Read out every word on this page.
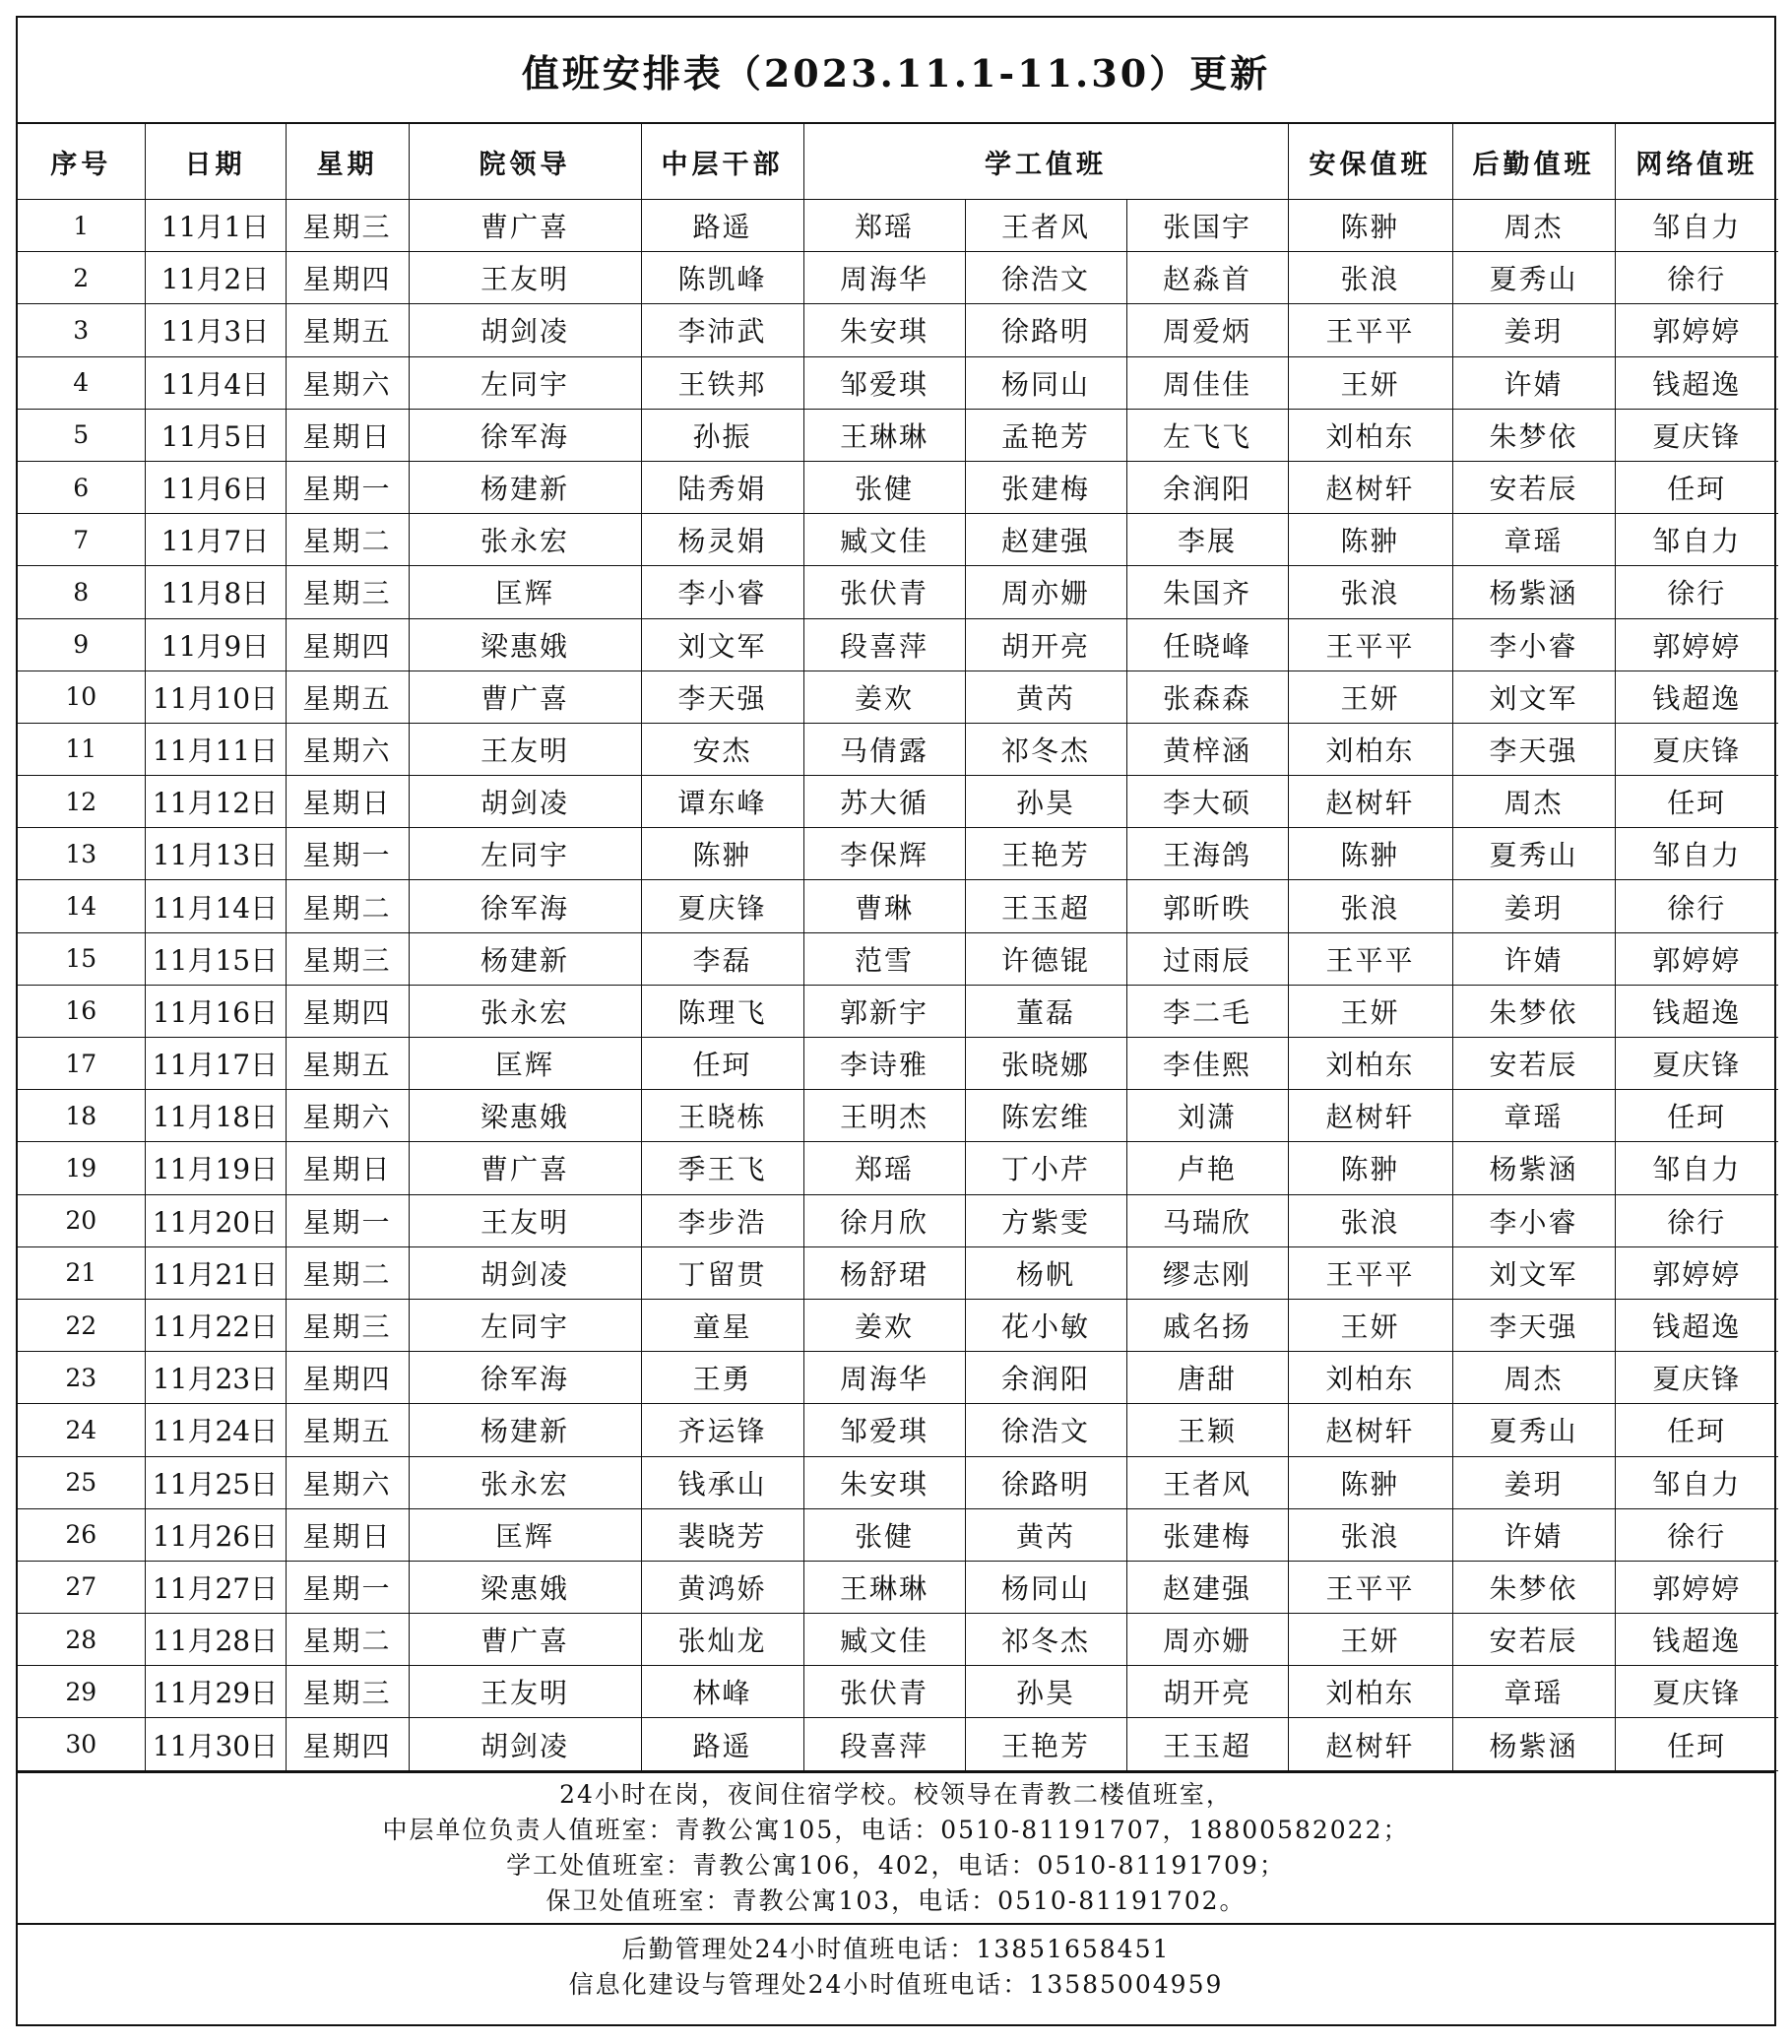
值班安排表（2023.11.1-11.30）更新
序号	日期	星期	院领导	中层干部	学工值班			安保值班	后勤值班	网络值班
1	11月1日	星期三	曹广喜	路遥	郑瑶	王者风	张国宇	陈翀	周杰	邹自力
2	11月2日	星期四	王友明	陈凯峰	周海华	徐浩文	赵淼首	张浪	夏秀山	徐行
3	11月3日	星期五	胡剑凌	李沛武	朱安琪	徐路明	周爱炳	王平平	姜玥	郭婷婷
4	11月4日	星期六	左同宇	王铁邦	邹爱琪	杨同山	周佳佳	王妍	许婧	钱超逸
5	11月5日	星期日	徐军海	孙振	王琳琳	孟艳芳	左飞飞	刘柏东	朱梦依	夏庆锋
6	11月6日	星期一	杨建新	陆秀娟	张健	张建梅	余润阳	赵树轩	安若辰	任珂
7	11月7日	星期二	张永宏	杨灵娟	臧文佳	赵建强	李展	陈翀	章瑶	邹自力
8	11月8日	星期三	匡辉	李小睿	张伏青	周亦姗	朱国齐	张浪	杨紫涵	徐行
9	11月9日	星期四	梁惠娥	刘文军	段喜萍	胡开亮	任晓峰	王平平	李小睿	郭婷婷
10	11月10日	星期五	曹广喜	李天强	姜欢	黄芮	张森森	王妍	刘文军	钱超逸
11	11月11日	星期六	王友明	安杰	马倩露	祁冬杰	黄梓涵	刘柏东	李天强	夏庆锋
12	11月12日	星期日	胡剑凌	谭东峰	苏大循	孙昊	李大硕	赵树轩	周杰	任珂
13	11月13日	星期一	左同宇	陈翀	李保辉	王艳芳	王海鸽	陈翀	夏秀山	邹自力
14	11月14日	星期二	徐军海	夏庆锋	曹琳	王玉超	郭昕昳	张浪	姜玥	徐行
15	11月15日	星期三	杨建新	李磊	范雪	许德锟	过雨辰	王平平	许婧	郭婷婷
16	11月16日	星期四	张永宏	陈理飞	郭新宇	董磊	李二毛	王妍	朱梦依	钱超逸
17	11月17日	星期五	匡辉	任珂	李诗雅	张晓娜	李佳熙	刘柏东	安若辰	夏庆锋
18	11月18日	星期六	梁惠娥	王晓栋	王明杰	陈宏维	刘潇	赵树轩	章瑶	任珂
19	11月19日	星期日	曹广喜	季王飞	郑瑶	丁小芹	卢艳	陈翀	杨紫涵	邹自力
20	11月20日	星期一	王友明	李步浩	徐月欣	方紫雯	马瑞欣	张浪	李小睿	徐行
21	11月21日	星期二	胡剑凌	丁留贯	杨舒珺	杨帆	缪志刚	王平平	刘文军	郭婷婷
22	11月22日	星期三	左同宇	童星	姜欢	花小敏	戚名扬	王妍	李天强	钱超逸
23	11月23日	星期四	徐军海	王勇	周海华	余润阳	唐甜	刘柏东	周杰	夏庆锋
24	11月24日	星期五	杨建新	齐运锋	邹爱琪	徐浩文	王颖	赵树轩	夏秀山	任珂
25	11月25日	星期六	张永宏	钱承山	朱安琪	徐路明	王者风	陈翀	姜玥	邹自力
26	11月26日	星期日	匡辉	裴晓芳	张健	黄芮	张建梅	张浪	许婧	徐行
27	11月27日	星期一	梁惠娥	黄鸿娇	王琳琳	杨同山	赵建强	王平平	朱梦依	郭婷婷
28	11月28日	星期二	曹广喜	张灿龙	臧文佳	祁冬杰	周亦姗	王妍	安若辰	钱超逸
29	11月29日	星期三	王友明	林峰	张伏青	孙昊	胡开亮	刘柏东	章瑶	夏庆锋
30	11月30日	星期四	胡剑凌	路遥	段喜萍	王艳芳	王玉超	赵树轩	杨紫涵	任珂
24小时在岗，夜间住宿学校。校领导在青教二楼值班室，
中层单位负责人值班室：青教公寓105，电话：0510-81191707，18800582022；
学工处值班室：青教公寓106，402，电话：0510-81191709；
保卫处值班室：青教公寓103，电话：0510-81191702。
后勤管理处24小时值班电话：13851658451
信息化建设与管理处24小时值班电话：13585004959
